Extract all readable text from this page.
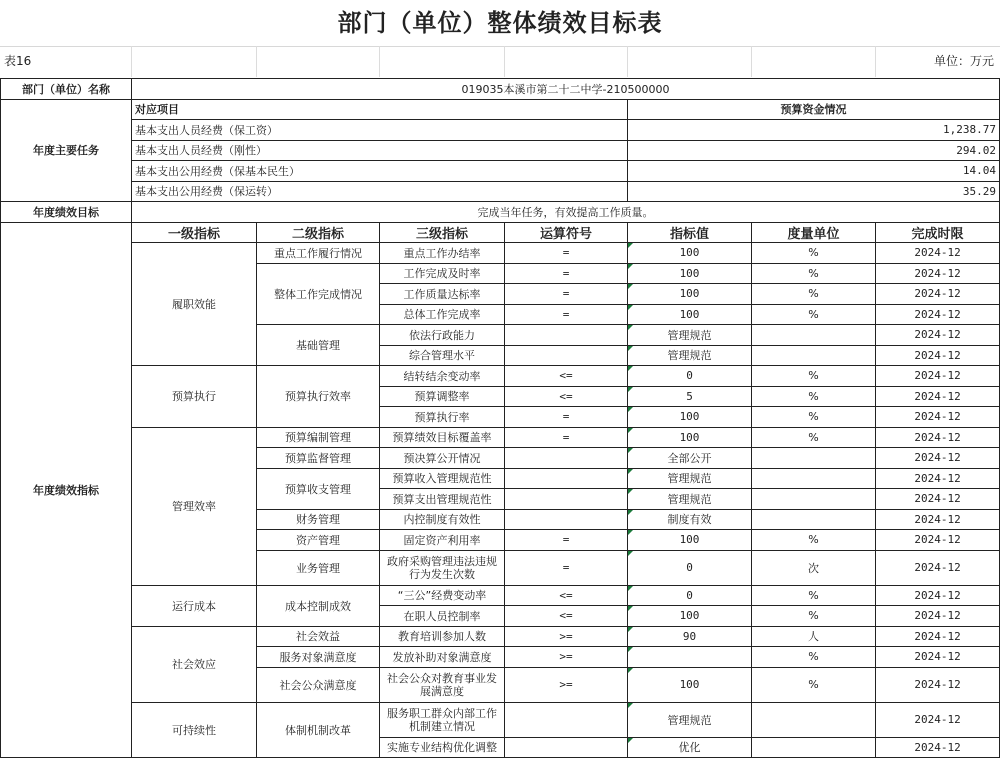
部门（单位）整体绩效目标表
表16	单位：万元
部门（单位）名称	019035本溪市第二十二中学-210500000						
年度主要任务	对应项目				预算资金情况		
	基本支出人员经费（保工资）				1,238.77		
	基本支出人员经费（刚性）				294.02		
	基本支出公用经费（保基本民生）				14.04		
	基本支出公用经费（保运转）				35.29		
年度绩效目标	完成当年任务，有效提高工作质量。						
年度绩效指标	一级指标	二级指标	三级指标	运算符号	指标值	度量单位	完成时限
	履职效能	重点工作履行情况	重点工作办结率	=	100	%	2024-12
		整体工作完成情况	工作完成及时率	=	100	%	2024-12
			工作质量达标率	=	100	%	2024-12
			总体工作完成率	=	100	%	2024-12
		基础管理	依法行政能力		管理规范		2024-12
			综合管理水平		管理规范		2024-12
	预算执行	预算执行效率	结转结余变动率	<=	0	%	2024-12
			预算调整率	<=	5	%	2024-12
			预算执行率	=	100	%	2024-12
	管理效率	预算编制管理	预算绩效目标覆盖率	=	100	%	2024-12
		预算监督管理	预决算公开情况		全部公开		2024-12
		预算收支管理	预算收入管理规范性		管理规范		2024-12
			预算支出管理规范性		管理规范		2024-12
		财务管理	内控制度有效性		制度有效		2024-12
		资产管理	固定资产利用率	=	100	%	2024-12
		业务管理	政府采购管理违法违规行为发生次数	=	0	次	2024-12
	运行成本	成本控制成效	“三公”经费变动率	<=	0	%	2024-12
			在职人员控制率	<=	100	%	2024-12
	社会效应	社会效益	教育培训参加人数	>=	90	人	2024-12
		服务对象满意度	发放补助对象满意度	>=		%	2024-12
		社会公众满意度	社会公众对教育事业发展满意度	>=	100	%	2024-12
	可持续性	体制机制改革	服务职工群众内部工作机制建立情况		管理规范		2024-12
			实施专业结构优化调整		优化		2024-12
